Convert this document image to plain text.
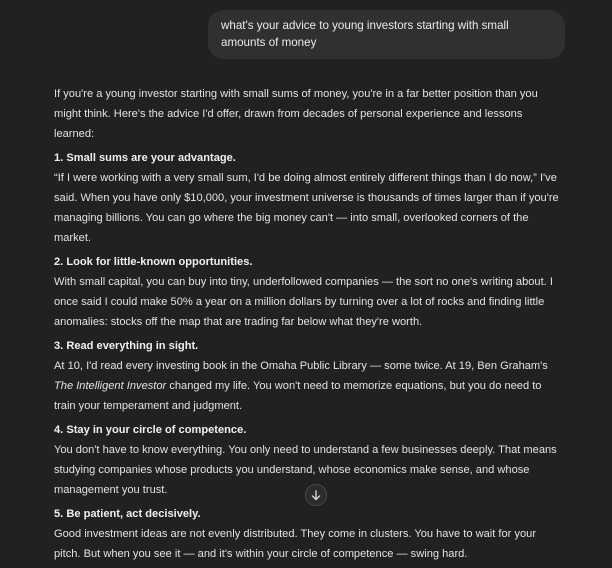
what's your advice to young investors starting with small amounts of money

If you're a young investor starting with small sums of money, you're in a far better position than you might think. Here's the advice I'd offer, drawn from decades of personal experience and lessons learned:

1. Small sums are your advantage.

“If I were working with a very small sum, I'd be doing almost entirely different things than I do now,” I've said. When you have only $10,000, your investment universe is thousands of times larger than if you're managing billions. You can go where the big money can't — into small, overlooked corners of the market.

2. Look for little-known opportunities.

With small capital, you can buy into tiny, underfollowed companies — the sort no one's writing about. I once said I could make 50% a year on a million dollars by turning over a lot of rocks and finding little anomalies: stocks off the map that are trading far below what they're worth.

3. Read everything in sight.

At 10, I'd read every investing book in the Omaha Public Library — some twice. At 19, Ben Graham's The Intelligent Investor changed my life. You won't need to memorize equations, but you do need to train your temperament and judgment.

4. Stay in your circle of competence.

You don't have to know everything. You only need to understand a few businesses deeply. That means studying companies whose products you understand, whose economics make sense, and whose management you trust.

5. Be patient, act decisively.

Good investment ideas are not evenly distributed. They come in clusters. You have to wait for your pitch. But when you see it — and it's within your circle of competence — swing hard.
